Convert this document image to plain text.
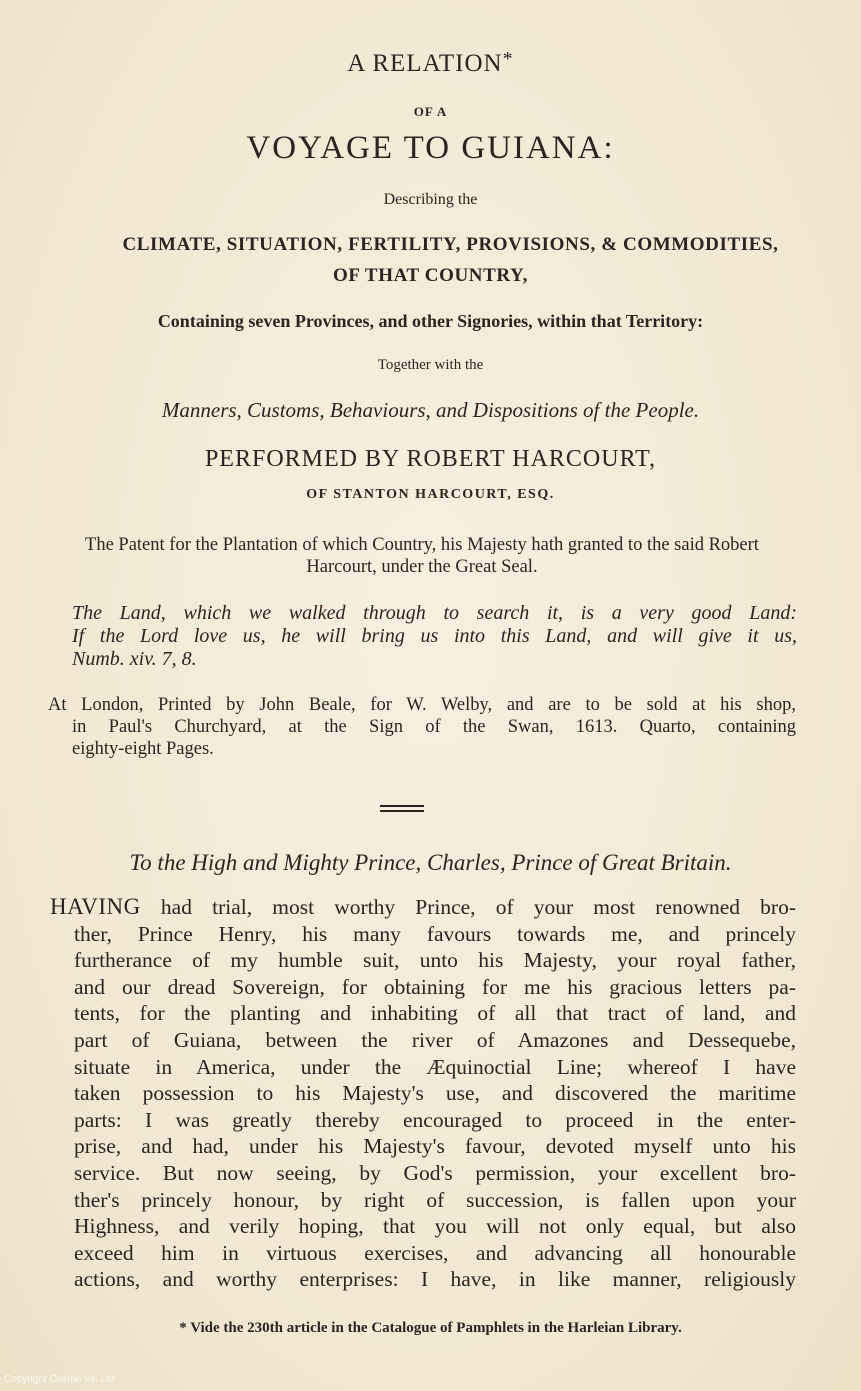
A RELATION*
OF A
VOYAGE TO GUIANA:
Describing the
CLIMATE, SITUATION, FERTILITY, PROVISIONS, & COMMODITIES,
OF THAT COUNTRY,
Containing seven Provinces, and other Signories, within that Territory:
Together with the
Manners, Customs, Behaviours, and Dispositions of the People.
PERFORMED BY ROBERT HARCOURT,
OF STANTON HARCOURT, ESQ.
The Patent for the Plantation of which Country, his Majesty hath granted to the said Robert Harcourt, under the Great Seal.
The Land, which we walked through to search it, is a very good Land:
If the Lord love us, he will bring us into this Land, and will give it us,
Numb. xiv. 7, 8.
At London, Printed by John Beale, for W. Welby, and are to be sold at his shop,
in Paul's Churchyard, at the Sign of the Swan, 1613. Quarto, containing
eighty-eight Pages.
To the High and Mighty Prince, Charles, Prince of Great Britain.
HAVING had trial, most worthy Prince, of your most renowned bro-
ther, Prince Henry, his many favours towards me, and princely
furtherance of my humble suit, unto his Majesty, your royal father,
and our dread Sovereign, for obtaining for me his gracious letters pa-
tents, for the planting and inhabiting of all that tract of land, and
part of Guiana, between the river of Amazones and Dessequebe,
situate in America, under the Æquinoctial Line; whereof I have
taken possession to his Majesty's use, and discovered the maritime
parts: I was greatly thereby encouraged to proceed in the enter-
prise, and had, under his Majesty's favour, devoted myself unto his
service. But now seeing, by God's permission, your excellent bro-
ther's princely honour, by right of succession, is fallen upon your
Highness, and verily hoping, that you will not only equal, but also
exceed him in virtuous exercises, and advancing all honourable
actions, and worthy enterprises: I have, in like manner, religiously
* Vide the 230th article in the Catalogue of Pamphlets in the Harleian Library.
Copyright Cosmo Int. Ltd
